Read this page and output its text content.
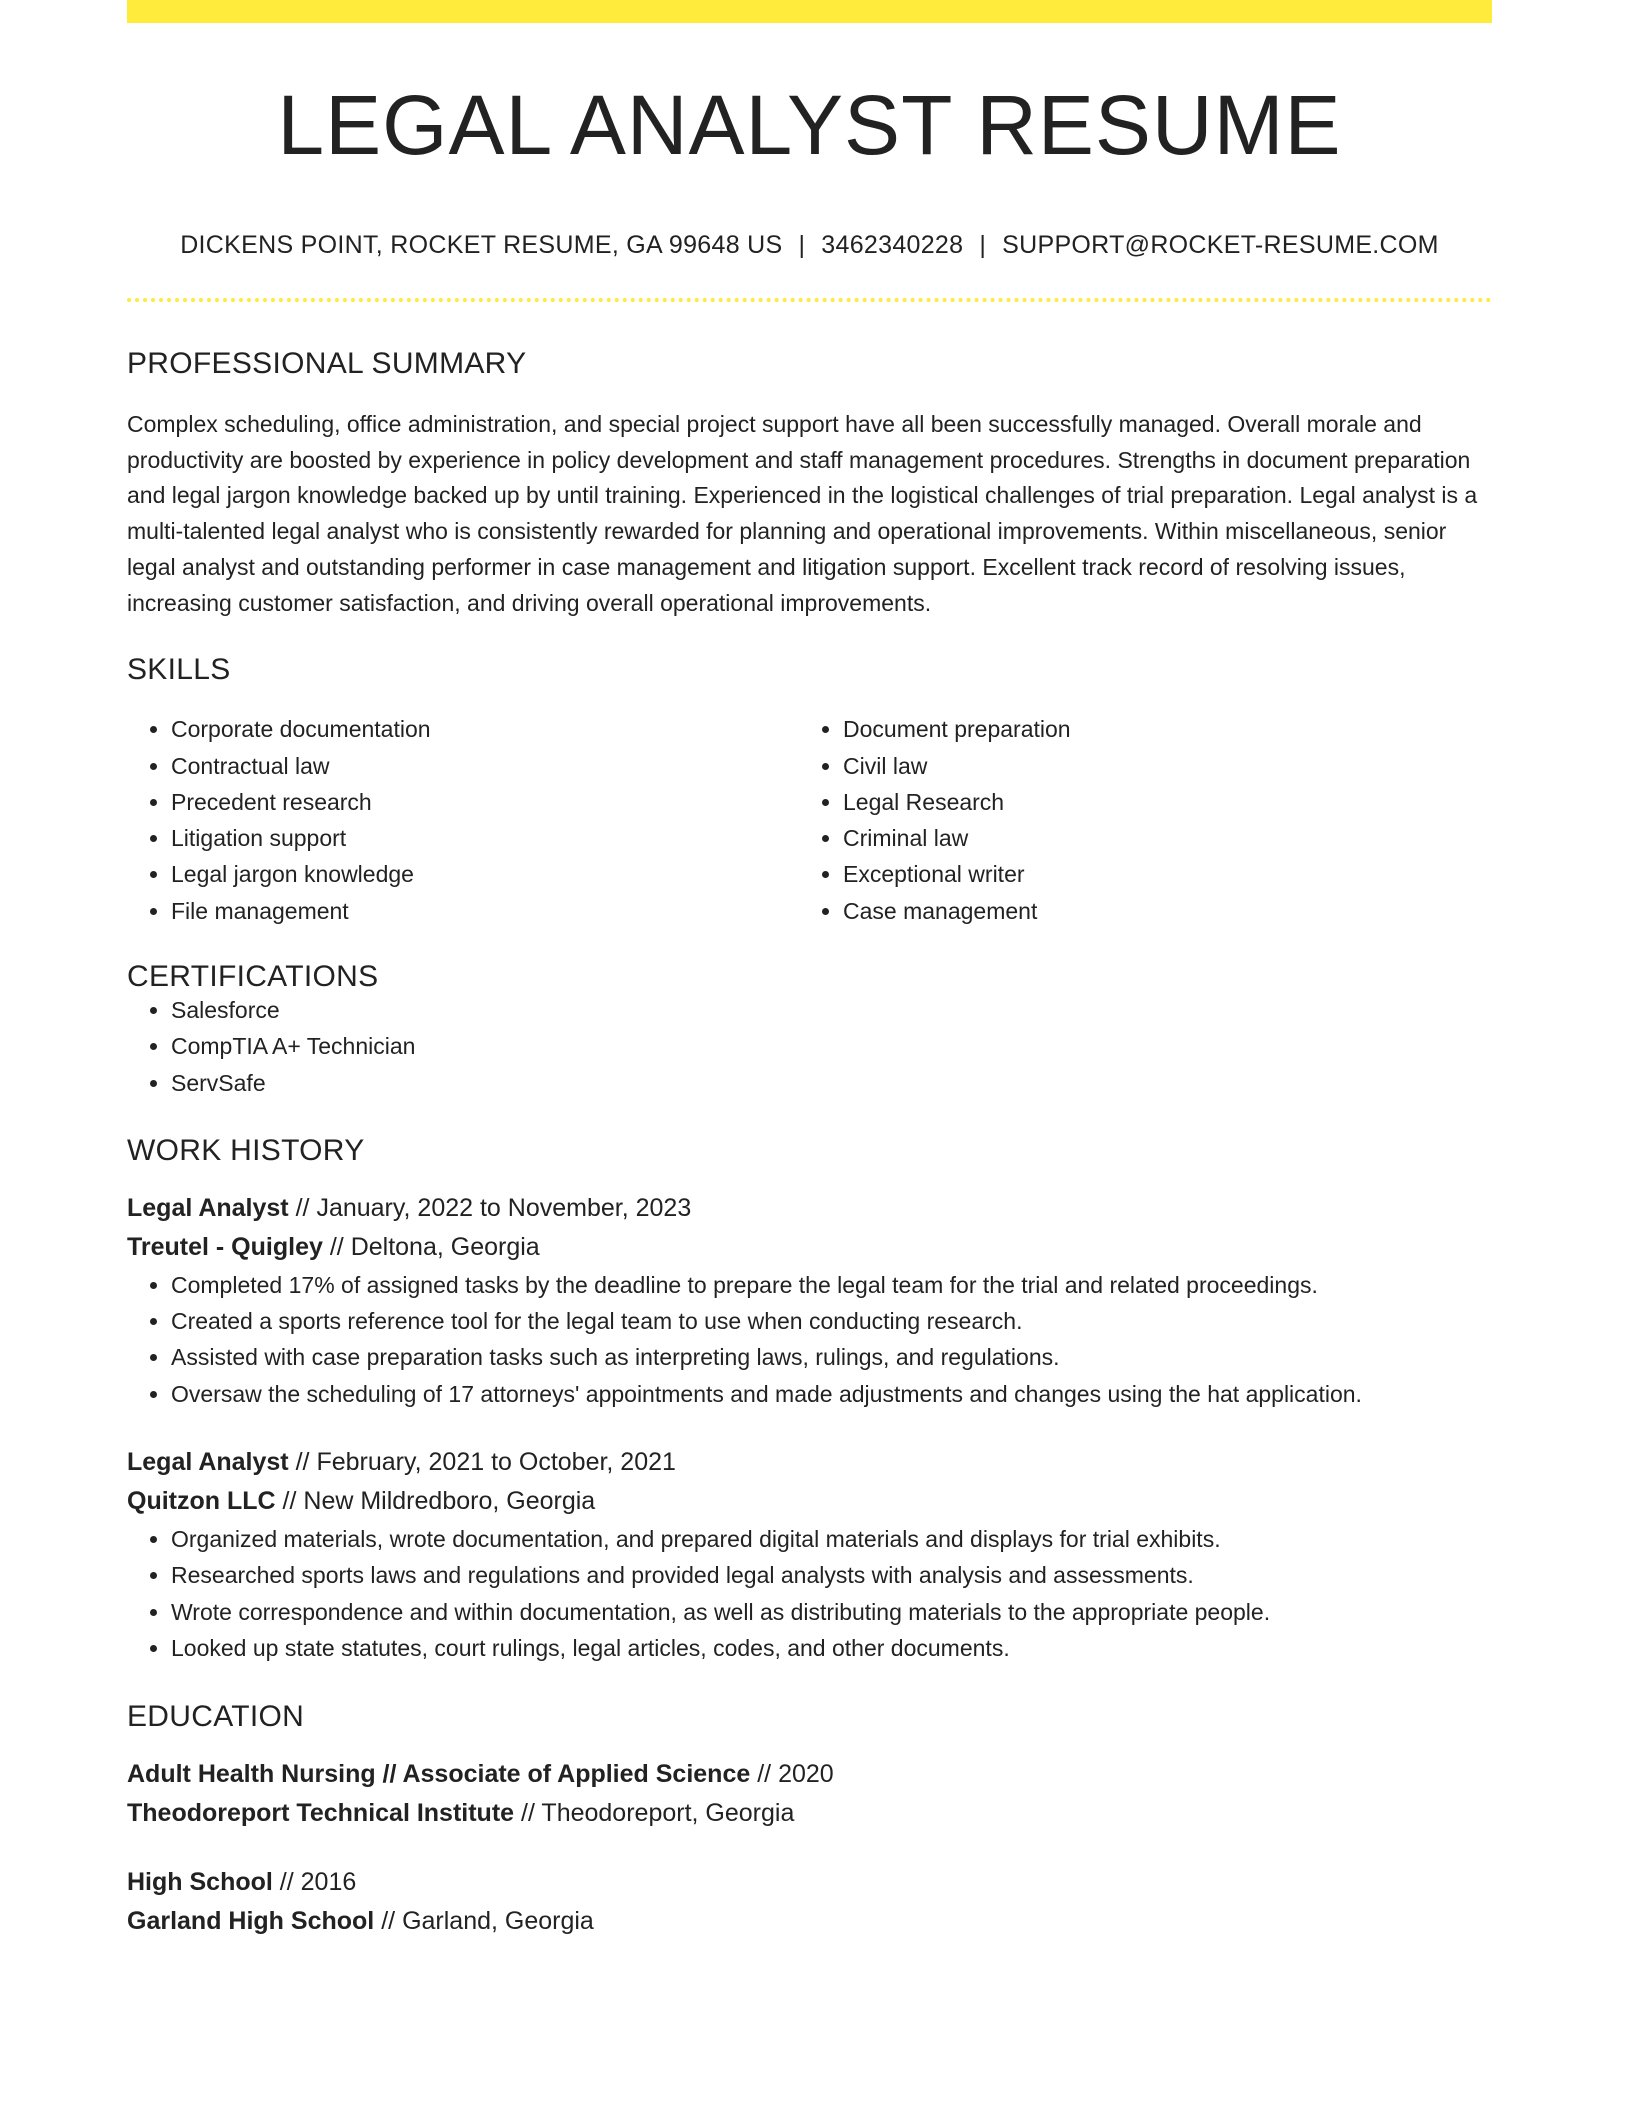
LEGAL ANALYST RESUME
DICKENS POINT, ROCKET RESUME, GA 99648 US | 3462340228 | SUPPORT@ROCKET-RESUME.COM
PROFESSIONAL SUMMARY

Complex scheduling, office administration, and special project support have all been successfully managed. Overall morale and productivity are boosted by experience in policy development and staff management procedures. Strengths in document preparation and legal jargon knowledge backed up by until training. Experienced in the logistical challenges of trial preparation. Legal analyst is a multi-talented legal analyst who is consistently rewarded for planning and operational improvements. Within miscellaneous, senior legal analyst and outstanding performer in case management and litigation support. Excellent track record of resolving issues, increasing customer satisfaction, and driving overall operational improvements.

SKILLS
• Corporate documentation
• Contractual law
• Precedent research
• Litigation support
• Legal jargon knowledge
• File management
• Document preparation
• Civil law
• Legal Research
• Criminal law
• Exceptional writer
• Case management
CERTIFICATIONS
• Salesforce
• CompTIA A+ Technician
• ServSafe
WORK HISTORY
Legal Analyst // January, 2022 to November, 2023
Treutel - Quigley // Deltona, Georgia
• Completed 17% of assigned tasks by the deadline to prepare the legal team for the trial and related proceedings.
• Created a sports reference tool for the legal team to use when conducting research.
• Assisted with case preparation tasks such as interpreting laws, rulings, and regulations.
• Oversaw the scheduling of 17 attorneys' appointments and made adjustments and changes using the hat application.
Legal Analyst // February, 2021 to October, 2021
Quitzon LLC // New Mildredboro, Georgia
• Organized materials, wrote documentation, and prepared digital materials and displays for trial exhibits.
• Researched sports laws and regulations and provided legal analysts with analysis and assessments.
• Wrote correspondence and within documentation, as well as distributing materials to the appropriate people.
• Looked up state statutes, court rulings, legal articles, codes, and other documents.
EDUCATION
Adult Health Nursing // Associate of Applied Science // 2020
Theodoreport Technical Institute // Theodoreport, Georgia
High School // 2016
Garland High School // Garland, Georgia
